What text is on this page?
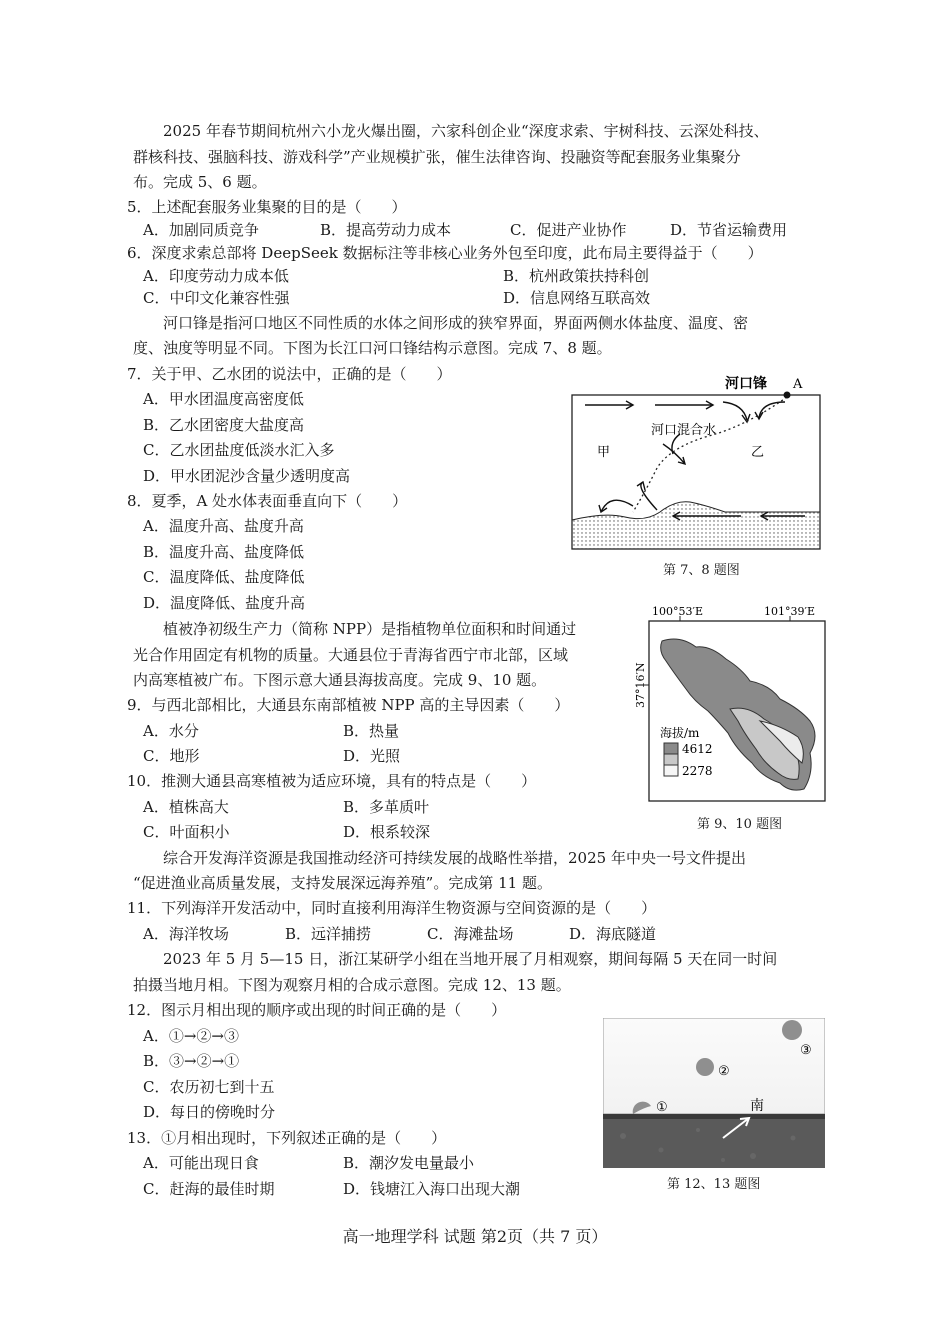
　　2025 年春节期间杭州六小龙火爆出圈，六家科创企业“深度求索、宇树科技、云深处科技、
群核科技、强脑科技、游戏科学”产业规模扩张，催生法律咨询、投融资等配套服务业集聚分
布。完成 5、6 题。
5．上述配套服务业集聚的目的是（　　）
A．加剧同质竞争	B．提高劳动力成本	C．促进产业协作	D．节省运输费用
6．深度求索总部将 DeepSeek 数据标注等非核心业务外包至印度，此布局主要得益于（　　）
A．印度劳动力成本低	B．杭州政策扶持科创
C．中印文化兼容性强	D．信息网络互联高效
　　河口锋是指河口地区不同性质的水体之间形成的狭窄界面，界面两侧水体盐度、温度、密
度、浊度等明显不同。下图为长江口河口锋结构示意图。完成 7、8 题。
7．关于甲、乙水团的说法中，正确的是（　　）
A．甲水团温度高密度低
B．乙水团密度大盐度高
C．乙水团盐度低淡水汇入多
D．甲水团泥沙含量少透明度高
8．夏季，A 处水体表面垂直向下（　　）
A．温度升高、盐度升高
B．温度升高、盐度降低
C．温度降低、盐度降低
D．温度降低、盐度升高
河口锋 A
河口混合水
甲	乙
第 7、8 题图
　　植被净初级生产力（简称 NPP）是指植物单位面积和时间通过
光合作用固定有机物的质量。大通县位于青海省西宁市北部，区域
内高寒植被广布。下图示意大通县海拔高度。完成 9、10 题。
9．与西北部相比，大通县东南部植被 NPP 高的主导因素（　　）
A．水分	B．热量
C．地形	D．光照
10．推测大通县高寒植被为适应环境，具有的特点是（　　）
A．植株高大	B．多革质叶
C．叶面积小	D．根系较深
海拔/m
4612
2278
100°53′E	101°39′E
37°16′N
第 9、10 题图
　　综合开发海洋资源是我国推动经济可持续发展的战略性举措，2025 年中央一号文件提出
“促进渔业高质量发展，支持发展深远海养殖”。完成第 11 题。
11．下列海洋开发活动中，同时直接利用海洋生物资源与空间资源的是（　　）
A．海洋牧场	B．远洋捕捞	C．海滩盐场	D．海底隧道
　　2023 年 5 月 5—15 日，浙江某研学小组在当地开展了月相观察，期间每隔 5 天在同一时间
拍摄当地月相。下图为观察月相的合成示意图。完成 12、13 题。
12．图示月相出现的顺序或出现的时间正确的是（　　）
A．①→②→③
B．③→②→①
C．农历初七到十五
D．每日的傍晚时分
13．①月相出现时，下列叙述正确的是（　　）
A．可能出现日食	B．潮汐发电量最小
C．赶海的最佳时期	D．钱塘江入海口出现大潮
①
②
③
南
第 12、13 题图
高一地理学科 试题 第2页（共 7 页）
